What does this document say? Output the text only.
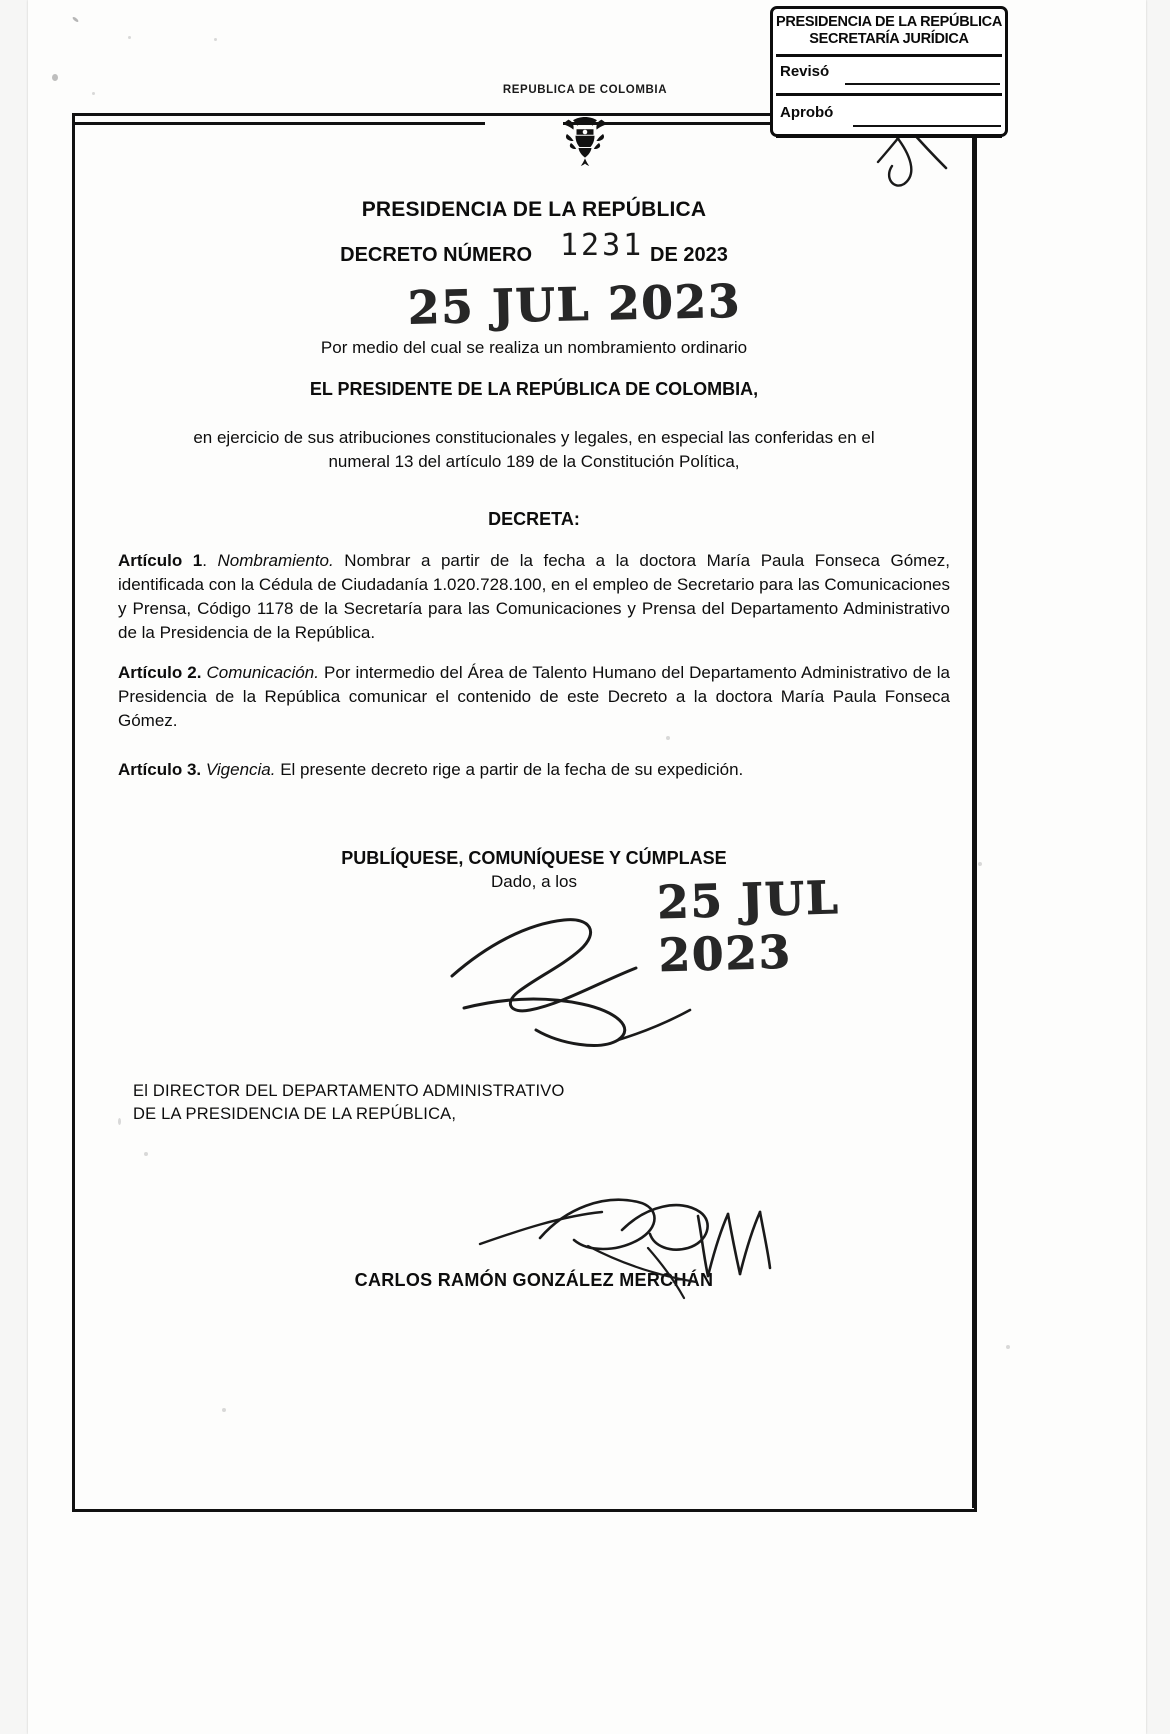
PRESIDENCIA DE LA REPÚBLICA
SECRETARÍA JURÍDICA
Revisó
Aprobó
REPUBLICA DE COLOMBIA
PRESIDENCIA DE LA REPÚBLICA
DECRETO NÚMERO	DE 2023
1231
25 JUL 2023
Por medio del cual se realiza un nombramiento ordinario
EL PRESIDENTE DE LA REPÚBLICA DE COLOMBIA,
en ejercicio de sus atribuciones constitucionales y legales, en especial las conferidas en el
numeral 13 del artículo 189 de la Constitución Política,
DECRETA:
Artículo 1. Nombramiento. Nombrar a partir de la fecha a la doctora María Paula Fonseca Gómez, identificada con la Cédula de Ciudadanía 1.020.728.100, en el empleo de Secretario para las Comunicaciones y Prensa, Código 1178 de la Secretaría para las Comunicaciones y Prensa del Departamento Administrativo de la Presidencia de la República.
Artículo 2. Comunicación. Por intermedio del Área de Talento Humano del Departamento Administrativo de la Presidencia de la República comunicar el contenido de este Decreto a la doctora María Paula Fonseca Gómez.
Artículo 3. Vigencia. El presente decreto rige a partir de la fecha de su expedición.
PUBLÍQUESE, COMUNÍQUESE Y CÚMPLASE
Dado, a los	25 JUL 2023
El DIRECTOR DEL DEPARTAMENTO ADMINISTRATIVO
DE LA PRESIDENCIA DE LA REPÚBLICA,
CARLOS RAMÓN GONZÁLEZ MERCHÁN
